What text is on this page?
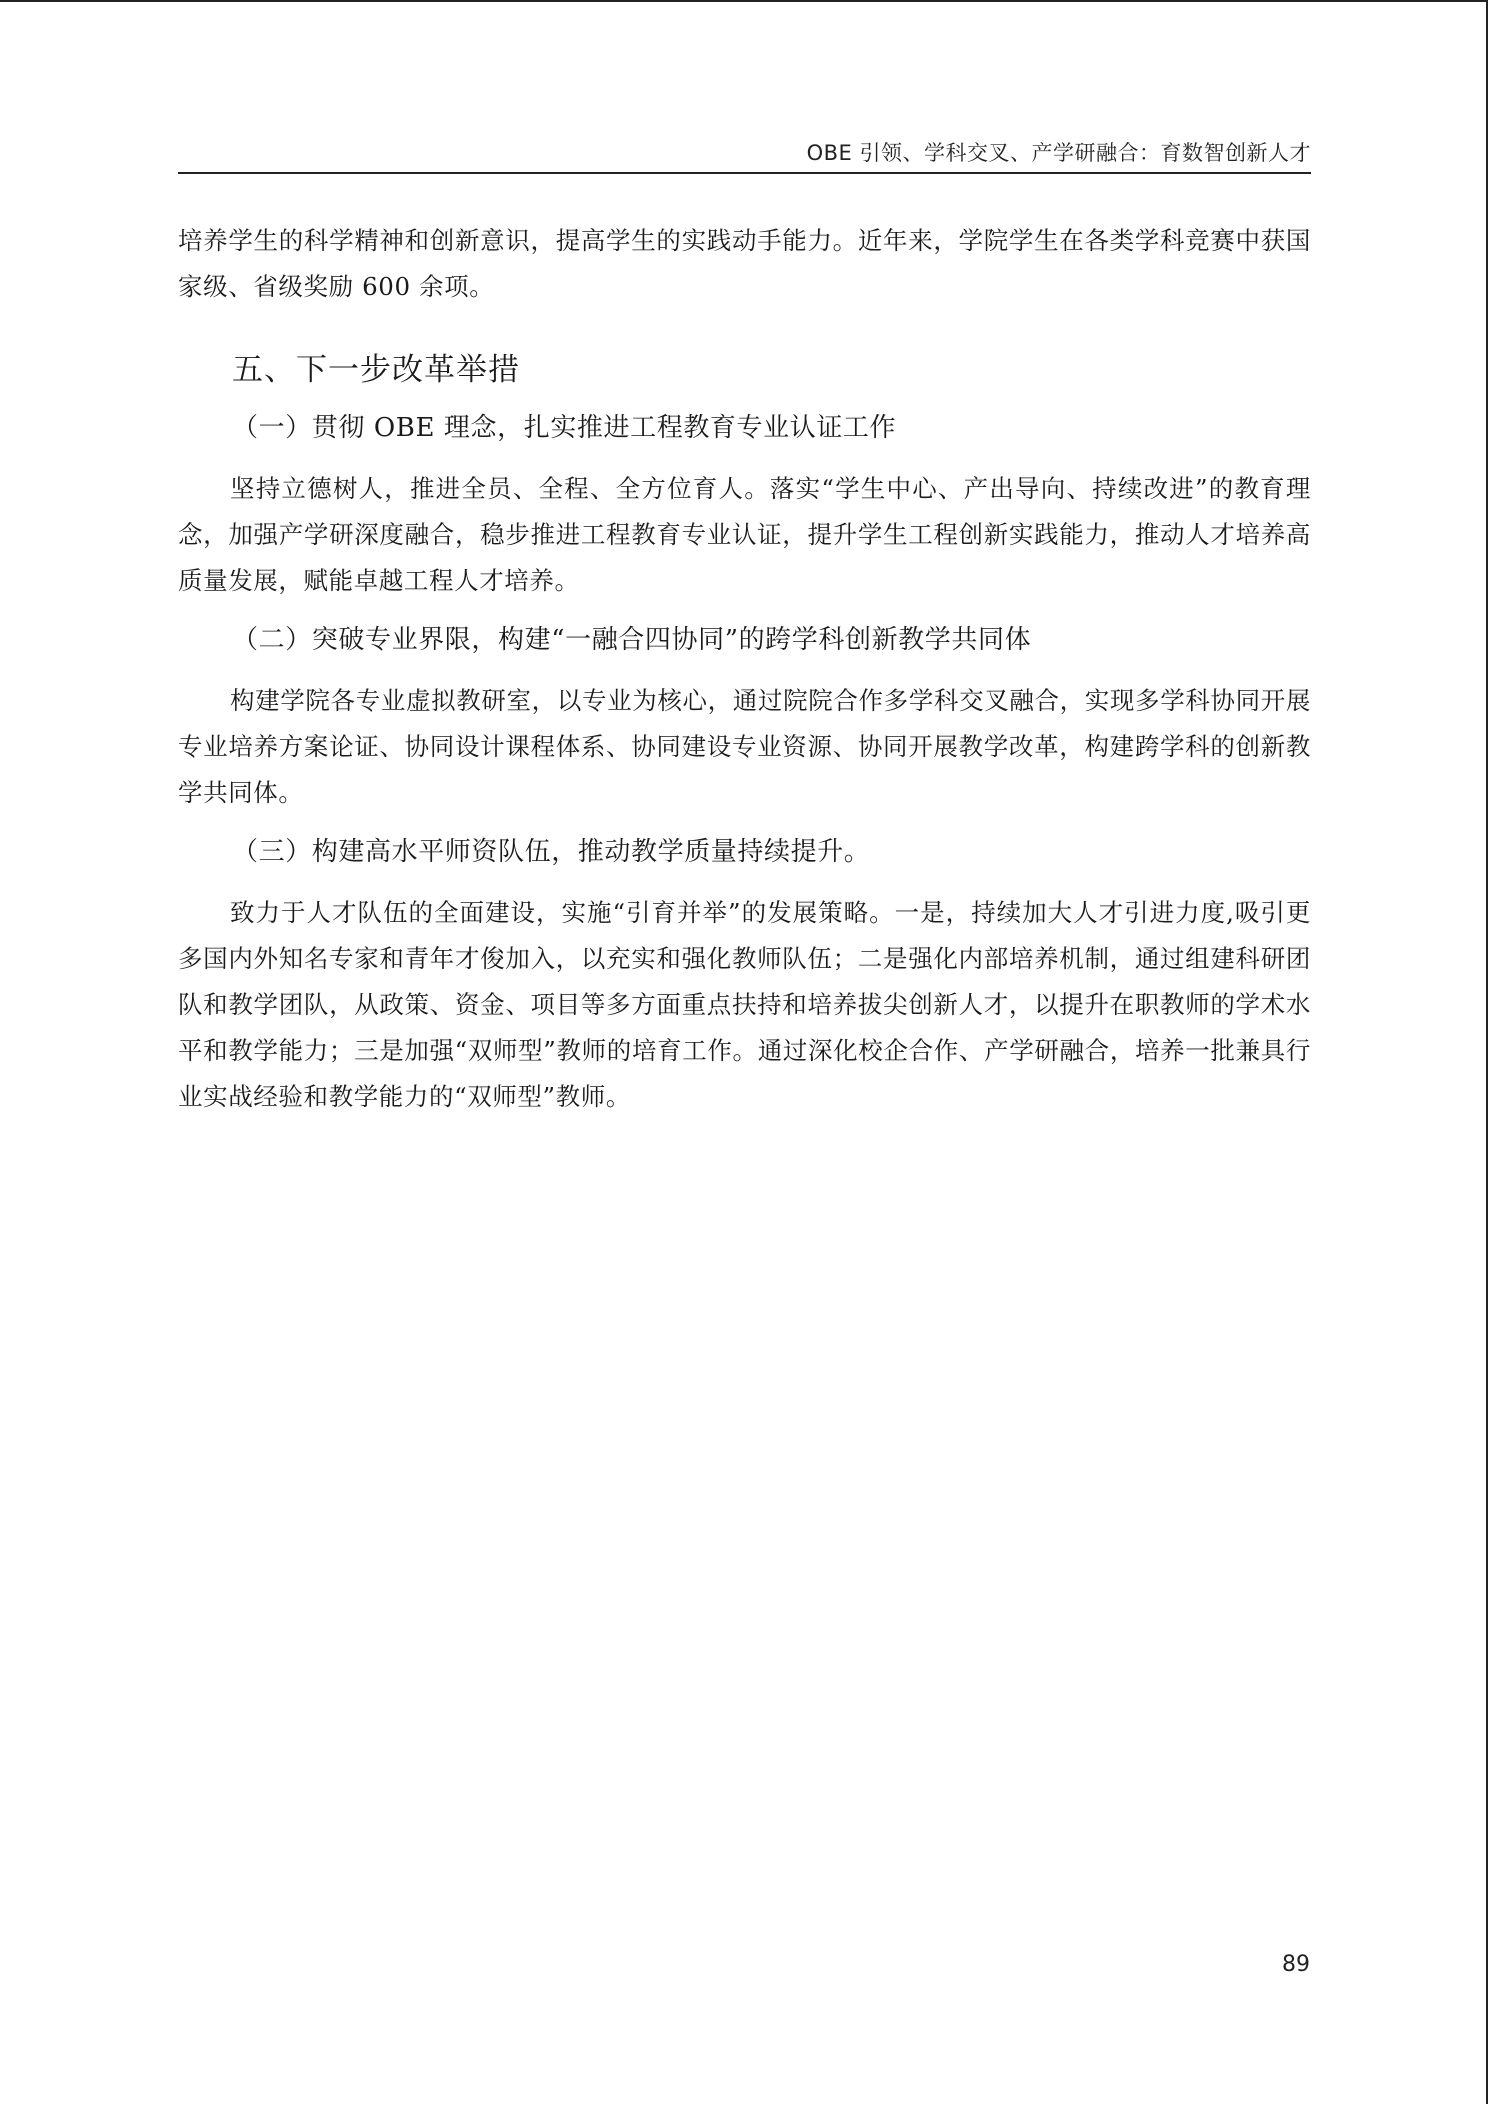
OBE 引领、学科交叉、产学研融合：育数智创新人才

培养学生的科学精神和创新意识，提高学生的实践动手能力。近年来，学院学生在各类学科竞赛中获国家级、省级奖励 600 余项。

五、下一步改革举措
（一）贯彻 OBE 理念，扎实推进工程教育专业认证工作

坚持立德树人，推进全员、全程、全方位育人。落实“学生中心、产出导向、持续改进”的教育理念，加强产学研深度融合，稳步推进工程教育专业认证，提升学生工程创新实践能力，推动人才培养高质量发展，赋能卓越工程人才培养。

（二）突破专业界限，构建“一融合四协同”的跨学科创新教学共同体

构建学院各专业虚拟教研室，以专业为核心，通过院院合作多学科交叉融合，实现多学科协同开展专业培养方案论证、协同设计课程体系、协同建设专业资源、协同开展教学改革，构建跨学科的创新教学共同体。

（三）构建高水平师资队伍，推动教学质量持续提升。

致力于人才队伍的全面建设，实施“引育并举”的发展策略。一是，持续加大人才引进力度,吸引更多国内外知名专家和青年才俊加入，以充实和强化教师队伍；二是强化内部培养机制，通过组建科研团队和教学团队，从政策、资金、项目等多方面重点扶持和培养拔尖创新人才，以提升在职教师的学术水平和教学能力；三是加强“双师型”教师的培育工作。通过深化校企合作、产学研融合，培养一批兼具行业实战经验和教学能力的“双师型”教师。

89
